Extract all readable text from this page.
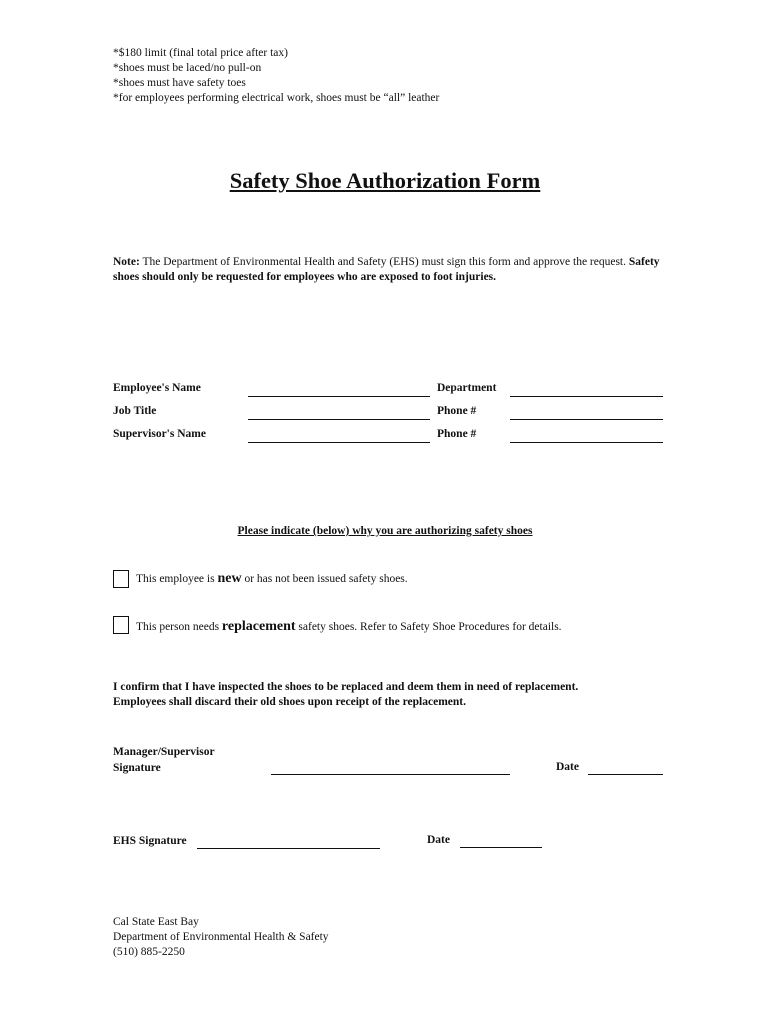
*$180 limit (final total price after tax)
*shoes must be laced/no pull-on
*shoes must have safety toes
*for employees performing electrical work, shoes must be “all” leather
Safety Shoe Authorization Form
Note: The Department of Environmental Health and Safety (EHS) must sign this form and approve the request. Safety shoes should only be requested for employees who are exposed to foot injuries.
Employee's Name	Department
Job Title	Phone #
Supervisor's Name	Phone #
Please indicate (below) why you are authorizing safety shoes
This employee is new or has not been issued safety shoes.
This person needs replacement safety shoes. Refer to Safety Shoe Procedures for details.
I confirm that I have inspected the shoes to be replaced and deem them in need of replacement.
Employees shall discard their old shoes upon receipt of the replacement.
Manager/Supervisor
Signature	Date
EHS Signature	Date
Cal State East Bay
Department of Environmental Health & Safety
(510) 885-2250
